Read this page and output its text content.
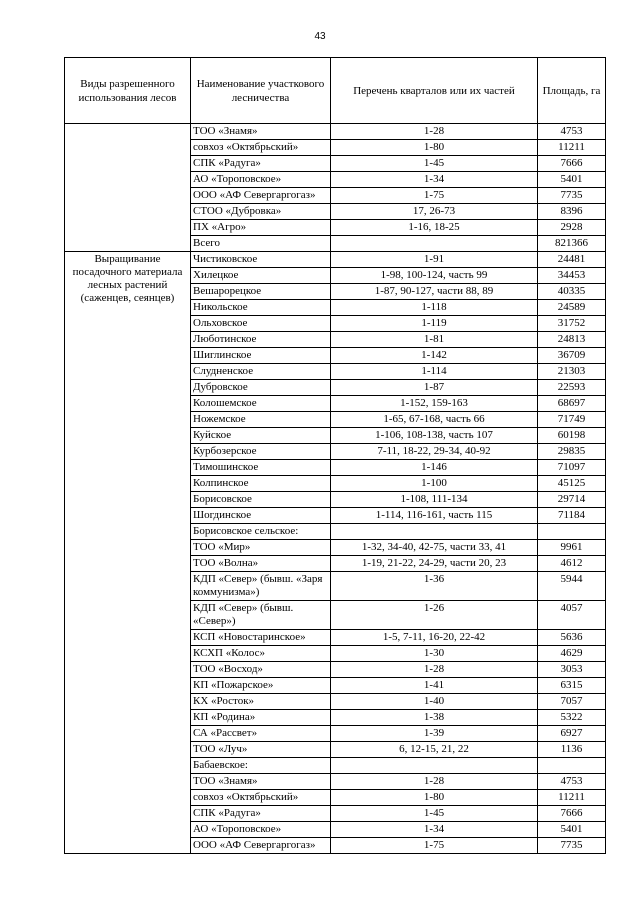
43
Виды разрешенного использования лесов	Наименование участкового лесничества	Перечень кварталов или их частей	Площадь, га
	ТОО «Знамя»	1-28	4753
	совхоз «Октябрьский»	1-80	11211
	СПК «Радуга»	1-45	7666
	АО «Тороповское»	1-34	5401
	ООО «АФ Севергаргогаз»	1-75	7735
	СТОО «Дубровка»	17, 26-73	8396
	ПХ «Агро»	1-16, 18-25	2928
	Всего		821366
Выращивание посадочного материала лесных растений (саженцев, сеянцев)	Чистиковское	1-91	24481
	Хилецкое	1-98, 100-124, часть 99	34453
	Вешарорецкое	1-87, 90-127, части 88, 89	40335
	Никольское	1-118	24589
	Ольховское	1-119	31752
	Люботинское	1-81	24813
	Шиглинское	1-142	36709
	Слудненское	1-114	21303
	Дубровское	1-87	22593
	Колошемское	1-152, 159-163	68697
	Ножемское	1-65, 67-168, часть 66	71749
	Куйское	1-106, 108-138, часть 107	60198
	Курбозерское	7-11, 18-22, 29-34, 40-92	29835
	Тимошинское	1-146	71097
	Колпинское	1-100	45125
	Борисовское	1-108, 111-134	29714
	Шогдинское	1-114, 116-161, часть 115	71184
	Борисовское сельское:		
	ТОО «Мир»	1-32, 34-40, 42-75, части 33, 41	9961
	ТОО «Волна»	1-19, 21-22, 24-29, части 20, 23	4612
	КДП «Север» (бывш. «Заря коммунизма»)	1-36	5944
	КДП «Север» (бывш. «Север»)	1-26	4057
	КСП «Новостаринское»	1-5, 7-11, 16-20, 22-42	5636
	КСХП «Колос»	1-30	4629
	ТОО «Восход»	1-28	3053
	КП «Пожарское»	1-41	6315
	КХ «Росток»	1-40	7057
	КП «Родина»	1-38	5322
	СА «Рассвет»	1-39	6927
	ТОО «Луч»	6, 12-15, 21, 22	1136
	Бабаевское:		
	ТОО «Знамя»	1-28	4753
	совхоз «Октябрьский»	1-80	11211
	СПК «Радуга»	1-45	7666
	АО «Тороповское»	1-34	5401
	ООО «АФ Севергаргогаз»	1-75	7735
